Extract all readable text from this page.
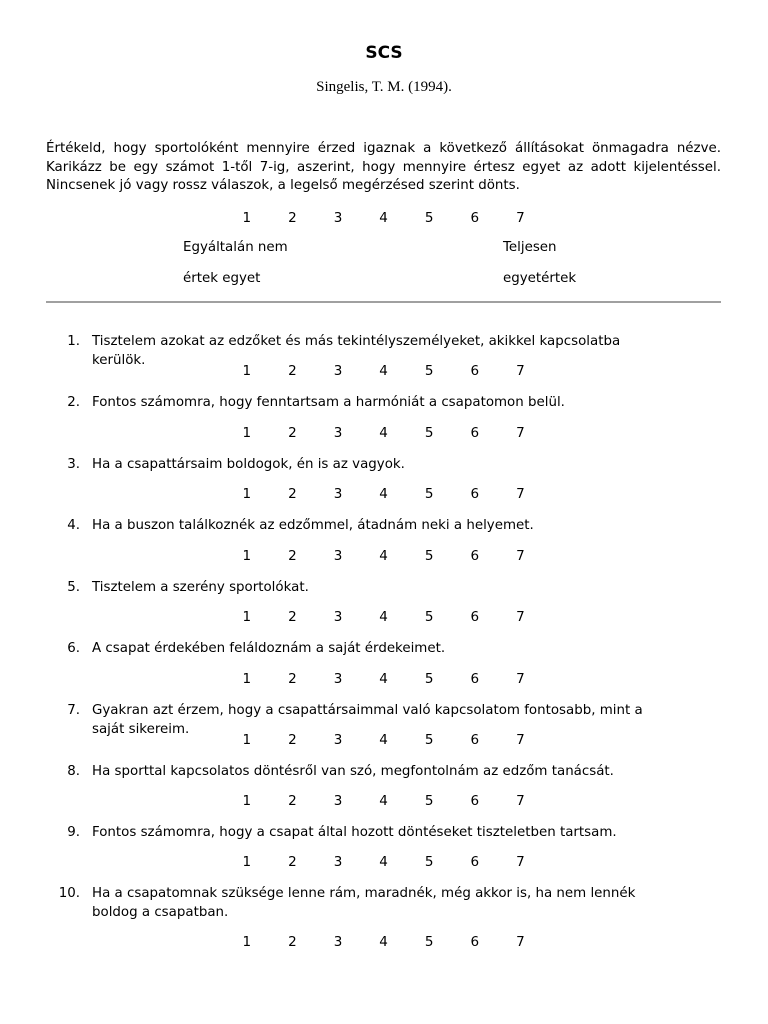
SCS
Singelis, T. M. (1994).
Értékeld, hogy sportolóként mennyire érzed igaznak a következő állításokat önmagadra nézve. Karikázz be egy számot 1-től 7-ig, aszerint, hogy mennyire értesz egyet az adott kijelentéssel. Nincsenek jó vagy rossz válaszok, a legelső megérzésed szerint dönts.
1	2	3	4	5	6	7
Egyáltalán nem
értek egyet
Teljesen
egyetértek
1. Tisztelem azokat az edzőket és más tekintélyszemélyeket, akikkel kapcsolatba kerülök.
1	2	3	4	5	6	7
2. Fontos számomra, hogy fenntartsam a harmóniát a csapatomon belül.
1	2	3	4	5	6	7
3. Ha a csapattársaim boldogok, én is az vagyok.
1	2	3	4	5	6	7
4. Ha a buszon találkoznék az edzőmmel, átadnám neki a helyemet.
1	2	3	4	5	6	7
5. Tisztelem a szerény sportolókat.
1	2	3	4	5	6	7
6. A csapat érdekében feláldoznám a saját érdekeimet.
1	2	3	4	5	6	7
7. Gyakran azt érzem, hogy a csapattársaimmal való kapcsolatom fontosabb, mint a saját sikereim.
1	2	3	4	5	6	7
8. Ha sporttal kapcsolatos döntésről van szó, megfontolnám az edzőm tanácsát.
1	2	3	4	5	6	7
9. Fontos számomra, hogy a csapat által hozott döntéseket tiszteletben tartsam.
1	2	3	4	5	6	7
10. Ha a csapatomnak szüksége lenne rám, maradnék, még akkor is, ha nem lennék boldog a csapatban.
1	2	3	4	5	6	7
